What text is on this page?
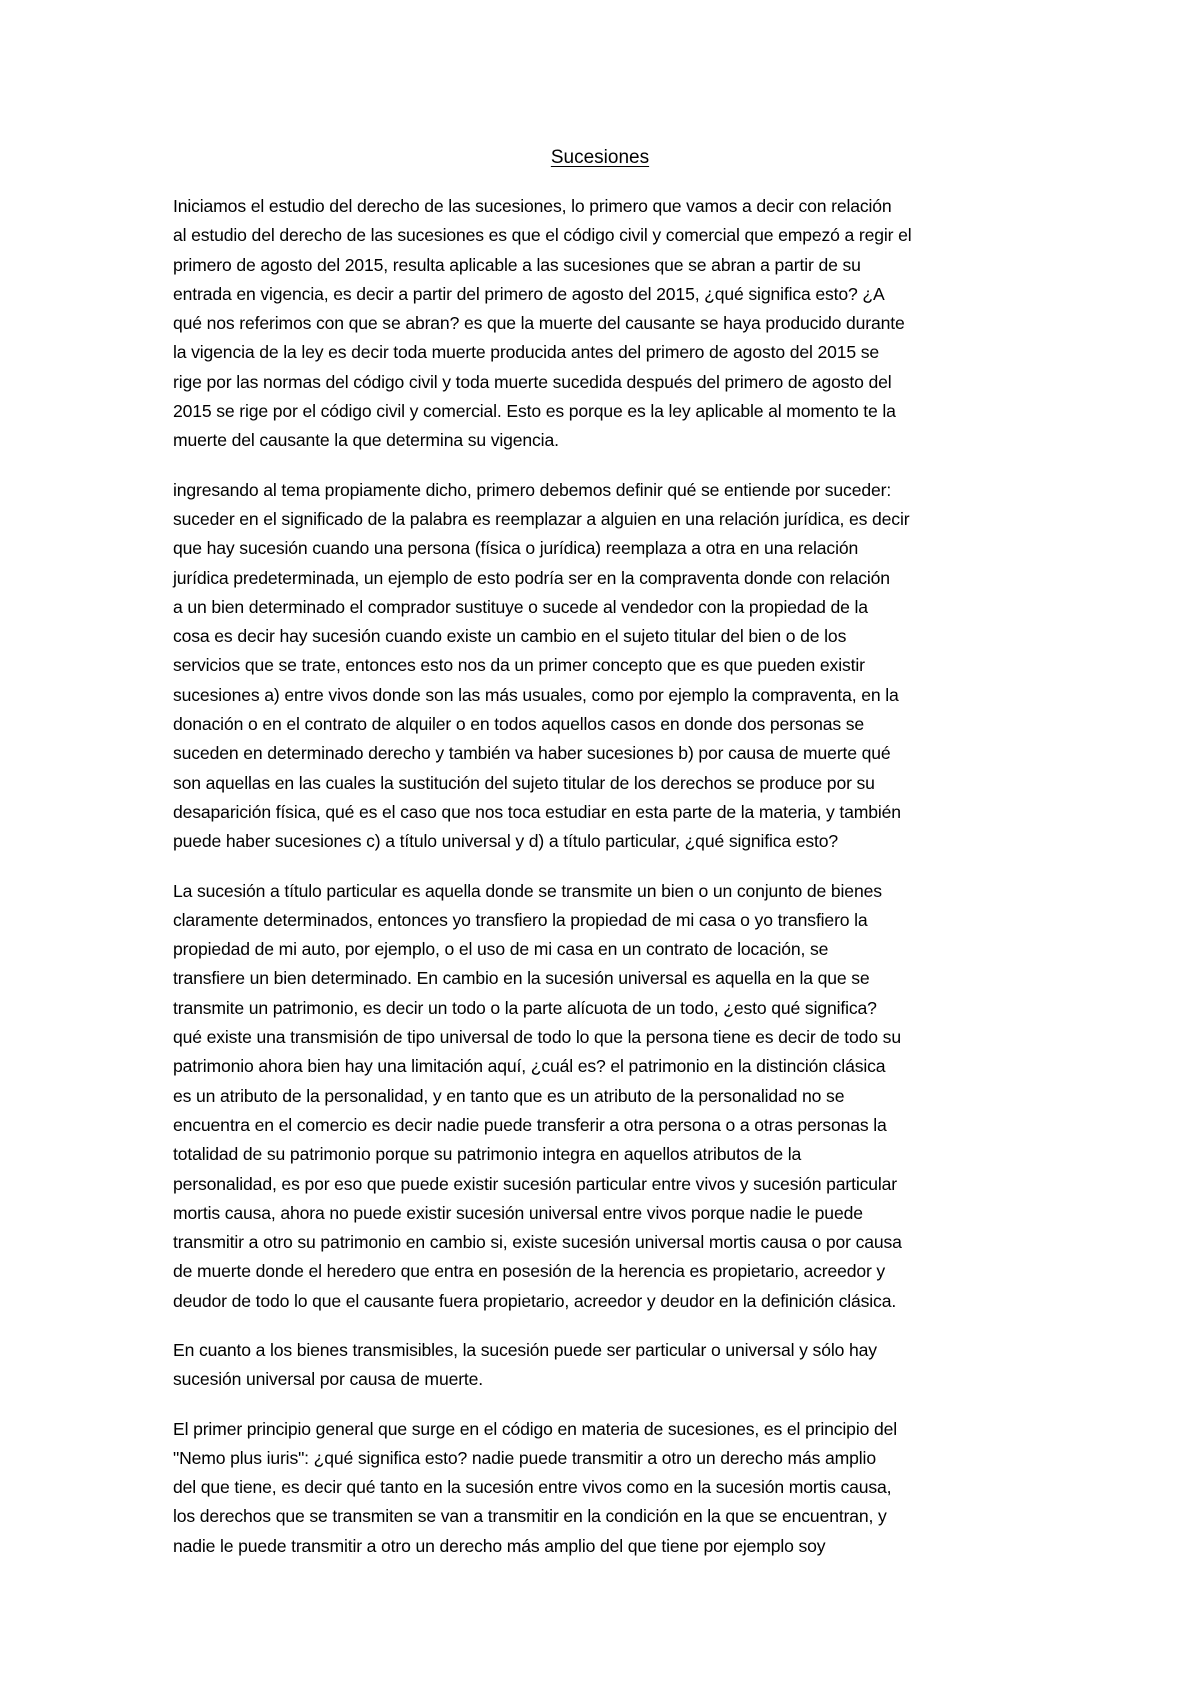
Sucesiones

Iniciamos el estudio del derecho de las sucesiones, lo primero que vamos a decir con relación
al estudio del derecho de las sucesiones es que el código civil y comercial que empezó a regir el
primero de agosto del 2015, resulta aplicable a las sucesiones que se abran a partir de su
entrada en vigencia, es decir a partir del primero de agosto del 2015, ¿qué significa esto? ¿A
qué nos referimos con que se abran? es que la muerte del causante se haya producido durante
la vigencia de la ley es decir toda muerte producida antes del primero de agosto del 2015 se
rige por las normas del código civil y toda muerte sucedida después del primero de agosto del
2015 se rige por el código civil y comercial. Esto es porque es la ley aplicable al momento te la
muerte del causante la que determina su vigencia.

ingresando al tema propiamente dicho, primero debemos definir qué se entiende por suceder:
suceder en el significado de la palabra es reemplazar a alguien en una relación jurídica, es decir
que hay sucesión cuando una persona (física o jurídica) reemplaza a otra en una relación
jurídica predeterminada, un ejemplo de esto podría ser en la compraventa donde con relación
a un bien determinado el comprador sustituye o sucede al vendedor con la propiedad de la
cosa es decir hay sucesión cuando existe un cambio en el sujeto titular del bien o de los
servicios que se trate, entonces esto nos da un primer concepto que es que pueden existir
sucesiones a) entre vivos donde son las más usuales, como por ejemplo la compraventa, en la
donación o en el contrato de alquiler o en todos aquellos casos en donde dos personas se
suceden en determinado derecho y también va haber sucesiones b) por causa de muerte qué
son aquellas en las cuales la sustitución del sujeto titular de los derechos se produce por su
desaparición física, qué es el caso que nos toca estudiar en esta parte de la materia, y también
puede haber sucesiones c) a título universal y d) a título particular, ¿qué significa esto?

La sucesión a título particular es aquella donde se transmite un bien o un conjunto de bienes
claramente determinados, entonces yo transfiero la propiedad de mi casa o yo transfiero la
propiedad de mi auto, por ejemplo, o el uso de mi casa en un contrato de locación, se
transfiere un bien determinado. En cambio en la sucesión universal es aquella en la que se
transmite un patrimonio, es decir un todo o la parte alícuota de un todo, ¿esto qué significa?
qué existe una transmisión de tipo universal de todo lo que la persona tiene es decir de todo su
patrimonio ahora bien hay una limitación aquí, ¿cuál es? el patrimonio en la distinción clásica
es un atributo de la personalidad, y en tanto que es un atributo de la personalidad no se
encuentra en el comercio es decir nadie puede transferir a otra persona o a otras personas la
totalidad de su patrimonio porque su patrimonio integra en aquellos atributos de la
personalidad, es por eso que puede existir sucesión particular entre vivos y sucesión particular
mortis causa, ahora no puede existir sucesión universal entre vivos porque nadie le puede
transmitir a otro su patrimonio en cambio si, existe sucesión universal mortis causa o por causa
de muerte donde el heredero que entra en posesión de la herencia es propietario, acreedor y
deudor de todo lo que el causante fuera propietario, acreedor y deudor en la definición clásica.

En cuanto a los bienes transmisibles, la sucesión puede ser particular o universal y sólo hay
sucesión universal por causa de muerte.

El primer principio general que surge en el código en materia de sucesiones, es el principio del
"Nemo plus iuris": ¿qué significa esto? nadie puede transmitir a otro un derecho más amplio
del que tiene, es decir qué tanto en la sucesión entre vivos como en la sucesión mortis causa,
los derechos que se transmiten se van a transmitir en la condición en la que se encuentran, y
nadie le puede transmitir a otro un derecho más amplio del que tiene por ejemplo soy
